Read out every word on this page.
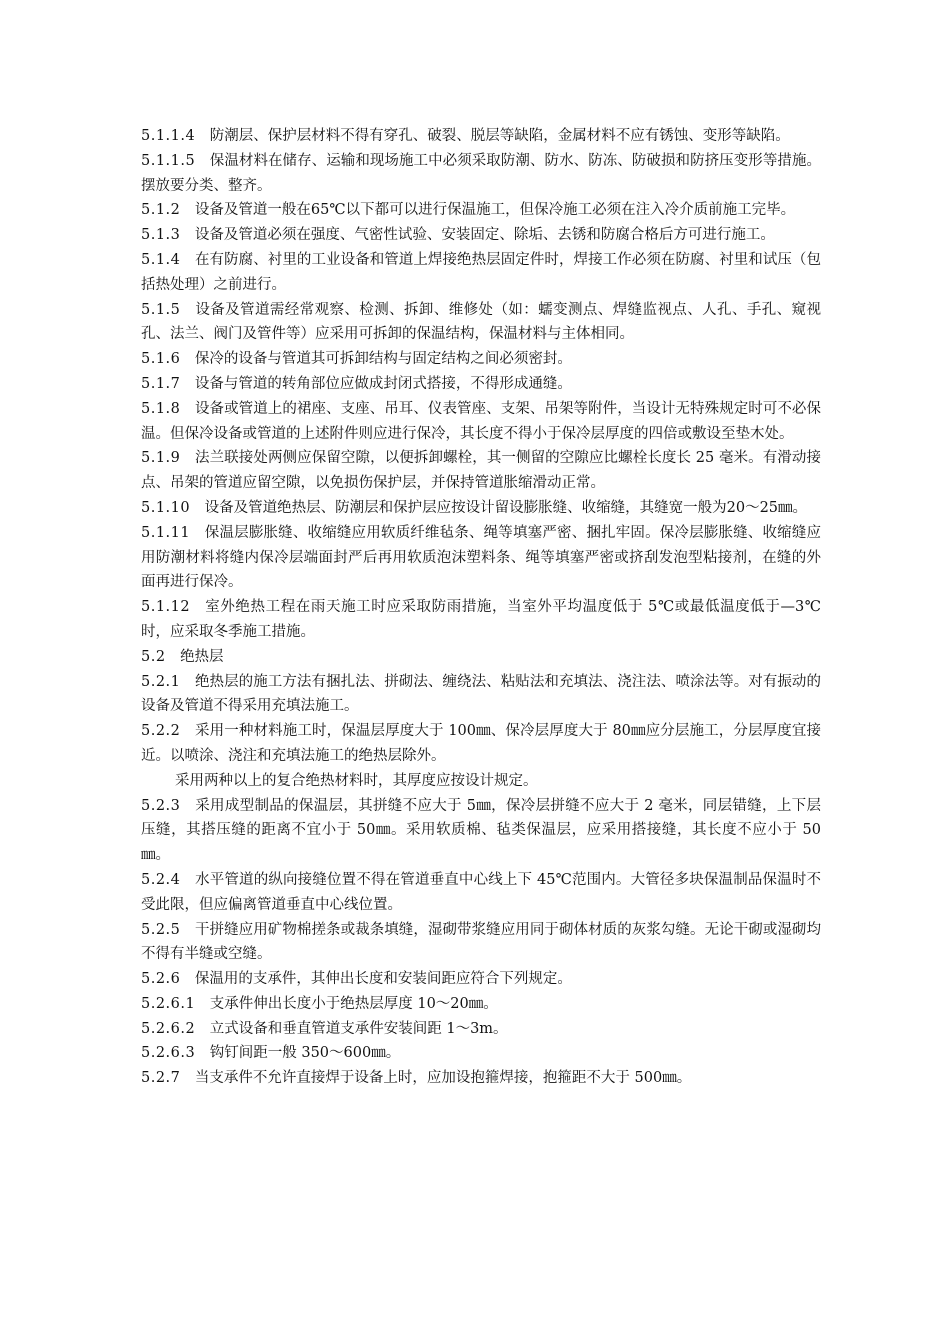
5.1.1.4  防潮层、保护层材料不得有穿孔、破裂、脱层等缺陷，金属材料不应有锈蚀、变形等缺陷。

5.1.1.5  保温材料在储存、运输和现场施工中必须采取防潮、防水、防冻、防破损和防挤压变形等措施。摆放要分类、整齐。

5.1.2  设备及管道一般在65℃以下都可以进行保温施工，但保冷施工必须在注入冷介质前施工完毕。

5.1.3  设备及管道必须在强度、气密性试验、安装固定、除垢、去锈和防腐合格后方可进行施工。

5.1.4  在有防腐、衬里的工业设备和管道上焊接绝热层固定件时，焊接工作必须在防腐、衬里和试压（包括热处理）之前进行。

5.1.5  设备及管道需经常观察、检测、拆卸、维修处（如：蠕变测点、焊缝监视点、人孔、手孔、窥视孔、法兰、阀门及管件等）应采用可拆卸的保温结构，保温材料与主体相同。

5.1.6  保冷的设备与管道其可拆卸结构与固定结构之间必须密封。

5.1.7  设备与管道的转角部位应做成封闭式搭接，不得形成通缝。

5.1.8  设备或管道上的裙座、支座、吊耳、仪表管座、支架、吊架等附件，当设计无特殊规定时可不必保温。但保冷设备或管道的上述附件则应进行保冷，其长度不得小于保冷层厚度的四倍或敷设至垫木处。

5.1.9  法兰联接处两侧应保留空隙，以便拆卸螺栓，其一侧留的空隙应比螺栓长度长 25 毫米。有滑动接点、吊架的管道应留空隙，以免损伤保护层，并保持管道胀缩滑动正常。

5.1.10  设备及管道绝热层、防潮层和保护层应按设计留设膨胀缝、收缩缝，其缝宽一般为20～25㎜。

5.1.11  保温层膨胀缝、收缩缝应用软质纤维毡条、绳等填塞严密、捆扎牢固。保冷层膨胀缝、收缩缝应用防潮材料将缝内保冷层端面封严后再用软质泡沫塑料条、绳等填塞严密或挤刮发泡型粘接剂，在缝的外面再进行保冷。

5.1.12  室外绝热工程在雨天施工时应采取防雨措施，当室外平均温度低于 5℃或最低温度低于—3℃时，应采取冬季施工措施。

5.2  绝热层

5.2.1  绝热层的施工方法有捆扎法、拼砌法、缠绕法、粘贴法和充填法、浇注法、喷涂法等。对有振动的设备及管道不得采用充填法施工。

5.2.2  采用一种材料施工时，保温层厚度大于 100㎜、保冷层厚度大于 80㎜应分层施工，分层厚度宜接近。以喷涂、浇注和充填法施工的绝热层除外。

采用两种以上的复合绝热材料时，其厚度应按设计规定。

5.2.3  采用成型制品的保温层，其拼缝不应大于 5㎜，保冷层拼缝不应大于 2 毫米，同层错缝，上下层压缝，其搭压缝的距离不宜小于 50㎜。采用软质棉、毡类保温层，应采用搭接缝，其长度不应小于 50㎜。

5.2.4  水平管道的纵向接缝位置不得在管道垂直中心线上下 45℃范围内。大管径多块保温制品保温时不受此限，但应偏离管道垂直中心线位置。

5.2.5  干拼缝应用矿物棉搓条或裁条填缝，湿砌带浆缝应用同于砌体材质的灰浆勾缝。无论干砌或湿砌均不得有半缝或空缝。

5.2.6  保温用的支承件，其伸出长度和安装间距应符合下列规定。

5.2.6.1  支承件伸出长度小于绝热层厚度 10～20㎜。

5.2.6.2  立式设备和垂直管道支承件安装间距 1～3m。

5.2.6.3  钩钉间距一般 350～600㎜。

5.2.7  当支承件不允许直接焊于设备上时，应加设抱箍焊接，抱箍距不大于 500㎜。
